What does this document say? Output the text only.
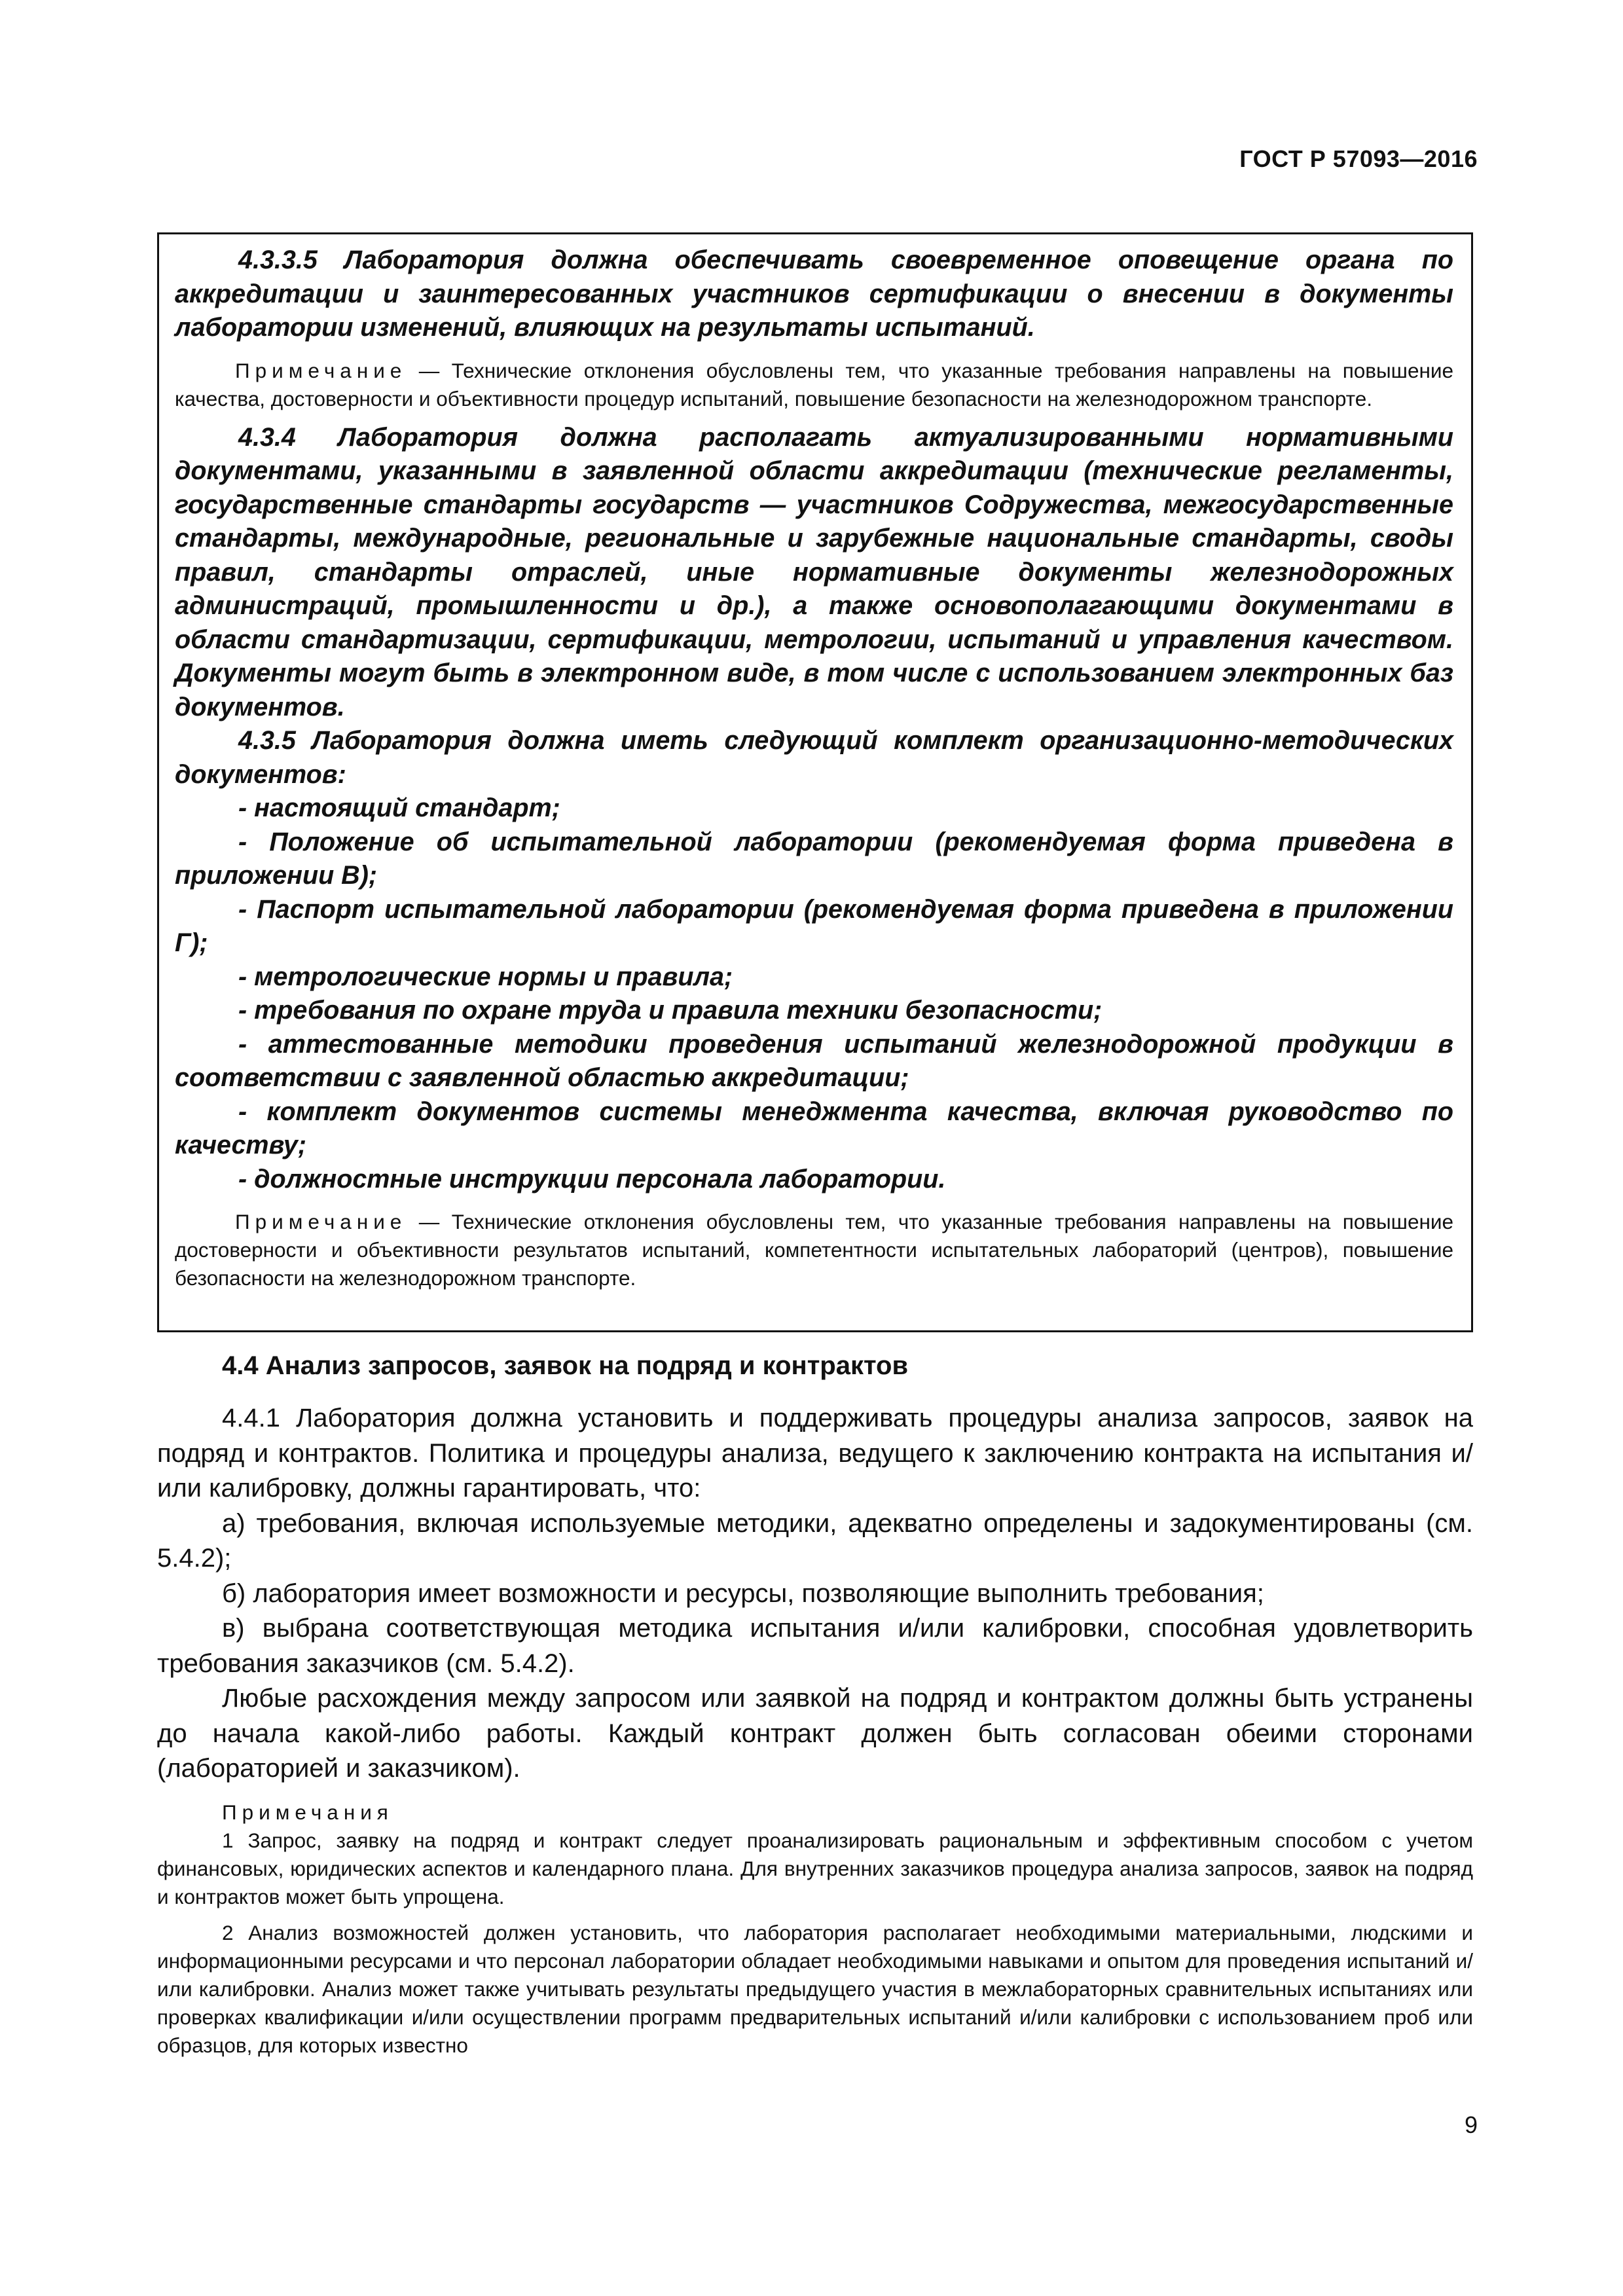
ГОСТ Р 57093—2016

4.3.3.5 Лаборатория должна обеспечивать своевременное оповещение органа по аккредитации и заинтересованных участников сертификации о внесении в документы лаборатории изменений, влияющих на результаты испытаний.

Примечание — Технические отклонения обусловлены тем, что указанные требования направлены на повышение качества, достоверности и объективности процедур испытаний, повышение безопасности на железнодорожном транспорте.

4.3.4 Лаборатория должна располагать актуализированными нормативными документами, указанными в заявленной области аккредитации (технические регламенты, государственные стандарты государств — участников Содружества, межгосударственные стандарты, международные, региональные и зарубежные национальные стандарты, своды правил, стандарты отраслей, иные нормативные документы железнодорожных администраций, промышленности и др.), а также основополагающими документами в области стандартизации, сертификации, метрологии, испытаний и управления качеством. Документы могут быть в электронном виде, в том числе с использованием электронных баз документов.

4.3.5 Лаборатория должна иметь следующий комплект организационно-методических документов:

- настоящий стандарт;

- Положение об испытательной лаборатории (рекомендуемая форма приведена в приложении В);

- Паспорт испытательной лаборатории (рекомендуемая форма приведена в приложении Г);

- метрологические нормы и правила;

- требования по охране труда и правила техники безопасности;

- аттестованные методики проведения испытаний железнодорожной продукции в соответствии с заявленной областью аккредитации;

- комплект документов системы менеджмента качества, включая руководство по качеству;

- должностные инструкции персонала лаборатории.

Примечание — Технические отклонения обусловлены тем, что указанные требования направлены на повышение достоверности и объективности результатов испытаний, компетентности испытательных лабораторий (центров), повышение безопасности на железнодорожном транспорте.

4.4 Анализ запросов, заявок на подряд и контрактов

4.4.1 Лаборатория должна установить и поддерживать процедуры анализа запросов, заявок на подряд и контрактов. Политика и процедуры анализа, ведущего к заключению контракта на испытания и/или калибровку, должны гарантировать, что:

а) требования, включая используемые методики, адекватно определены и задокументированы (см. 5.4.2);

б) лаборатория имеет возможности и ресурсы, позволяющие выполнить требования;

в) выбрана соответствующая методика испытания и/или калибровки, способная удовлетворить требования заказчиков (см. 5.4.2).

Любые расхождения между запросом или заявкой на подряд и контрактом должны быть устранены до начала какой-либо работы. Каждый контракт должен быть согласован обеими сторонами (лабораторией и заказчиком).

Примечания

1 Запрос, заявку на подряд и контракт следует проанализировать рациональным и эффективным способом с учетом финансовых, юридических аспектов и календарного плана. Для внутренних заказчиков процедура анализа запросов, заявок на подряд и контрактов может быть упрощена.

2 Анализ возможностей должен установить, что лаборатория располагает необходимыми материальными, людскими и информационными ресурсами и что персонал лаборатории обладает необходимыми навыками и опытом для проведения испытаний и/или калибровки. Анализ может также учитывать результаты предыдущего участия в межлабораторных сравнительных испытаниях или проверках квалификации и/или осуществлении программ предварительных испытаний и/или калибровки с использованием проб или образцов, для которых известно

9
